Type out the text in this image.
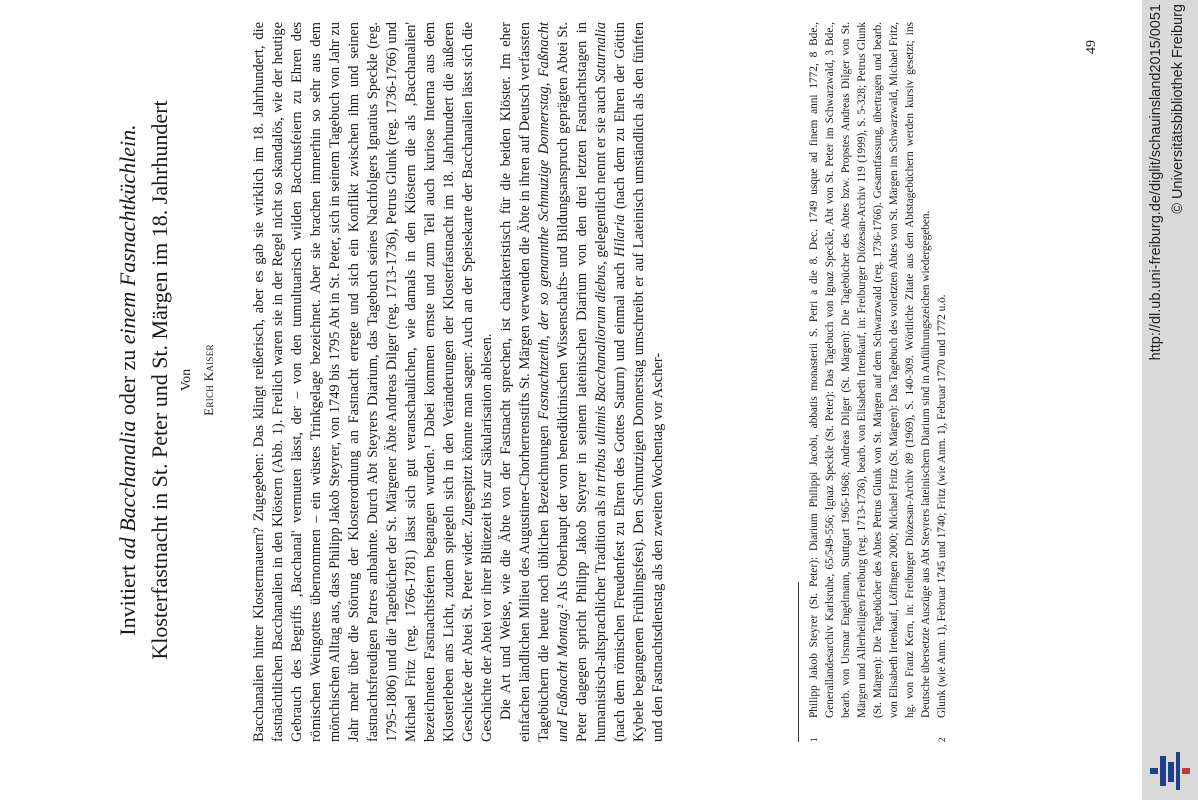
Invitiert ad Bacchanalia oder zu einem Fasnachtküchlein. Klosterfastnacht in St. Peter und St. Märgen im 18. Jahrhundert Von Erich Kaiser Bacchanalien hinter Klostermauern? Zugegeben: Das klingt reißerisch, aber es gab sie wirklich im 18. Jahrhundert, die fastnächtlichen Bacchanalien in den Klöstern (Abb. 1). Freilich waren sie in der Regel nicht so skandalös, wie der heutige Gebrauch des Begriffs ‚Bacchanal' vermuten lässt, der – von den tumultuarisch wilden Bacchusfeiern zu Ehren des römischen Weingottes übernommen – ein wüstes Trinkgelage bezeichnet. Aber sie brachen immerhin so sehr aus dem mönchischen Alltag aus, dass Philipp Jakob Steyrer, von 1749 bis 1795 Abt in St. Peter, sich in seinem Tagebuch von Jahr zu Jahr mehr über die Störung der Klosterordnung an Fastnacht erregte und sich ein Konflikt zwischen ihm und seinen fastnachtsfreudigen Patres anbahnte. Durch Abt Steyrers Diarium, das Tagebuch seines Nachfolgers Ignatius Speckle (reg. 1795-1806) und die Tagebücher der St. Märgener Äbte Andreas Dilger (reg. 1713-1736), Petrus Glunk (reg. 1736-1766) und Michael Fritz (reg. 1766-1781) lässt sich gut veranschaulichen, wie damals in den Klöstern die als ‚Bacchanalien' bezeichneten Fastnachtsfeiern begangen wurden.¹ Dabei kommen ernste und zum Teil auch kuriose Interna aus dem Klosterleben ans Licht, zudem spiegeln sich in den Veränderungen der Klosterfastnacht im 18. Jahrhundert die äußeren Geschicke der Abtei St. Peter wider. Zugespitzt könnte man sagen: Auch an der Speisekarte der Bacchanalien lässt sich die Geschichte der Abtei vor ihrer Blütezeit bis zur Säkularisation ablesen. Die Art und Weise, wie die Äbte von der Fastnacht sprechen, ist charakteristisch für die beiden Klöster. Im eher einfachen ländlichen Milieu des Augustiner-Chorherrenstifts St. Märgen verwenden die Äbte in ihren auf Deutsch verfassten Tagebüchern die heute noch üblichen Bezeichnungen Fasnachtzeith, der so genannthe Schmuzige Donnerstag, Faßnacht und Faßnacht Montag.² Als Oberhaupt der vom benediktinischen Wissenschafts- und Bildungsanspruch geprägten Abtei St. Peter dagegen spricht Philipp Jakob Steyrer in seinem lateinischen Diarium von den drei letzten Fastnachtstagen in humanistisch-altsprachlicher Tradition als in tribus ultimis Bacchanaliorum diebus, gelegentlich nennt er sie auch Saturnalia (nach dem römischen Freudenfest zu Ehren des Gottes Saturn) und einmal auch Hilaria (nach dem zu Ehren der Göttin Kybele begangenen Frühlingsfest). Den Schmutzigen Donnerstag umschreibt er auf Lateinisch umständlich als den fünften und den Fastnachtsdienstag als den zweiten Wochentag vor Ascher-	1
Philipp Jakob Steyrer (St. Peter): Diarium Philippi Jacobi, abbatis monasterii S. Petri a die 8. Dec. 1749 usque ad finem anni 1772, 8 Bde., Generallandesarchiv Karlsruhe, 65/549-556; Ignaz Speckle (St. Peter): Das Tagebuch von Ignaz Speckle, Abt von St. Peter im Schwarzwald, 3 Bde., bearb. von Ursmar Engelmann, Stuttgart 1965-1968; Andreas Dilger (St. Märgen): Die Tagebücher des Abtes bzw. Propstes Andreas Dilger von St. Märgen und Allerheiligen/Freiburg (reg. 1713-1736), bearb. von Elisabeth Irtenkauf, in: Freiburger Diözesan-Archiv 119 (1999), S. 5-328; Petrus Glunk (St. Märgen): Die Tagebücher des Abtes Petrus Glunk von St. Märgen auf dem Schwarzwald (reg. 1736-1766). Gesamtfassung, übertragen und bearb. von Elisabeth Irtenkauf, Löffingen 2000; Michael Fritz (St. Märgen): Das Tagebuch des vorletzten Abtes von St. Märgen im Schwarzwald, Michael Fritz, hg. von Franz Kern, in: Freiburger Diözesan-Archiv 89 (1969), S. 140-309. Wörtliche Zitate aus den Abtstagebüchern werden kursiv gesetzt; ins Deutsche übersetzte Auszüge aus Abt Steyrers lateinischem Diarium sind in Anführungszeichen wiedergegeben.

2
Glunk (wie Anm. 1), Februar 1745 und 1740; Fritz (wie Anm. 1), Februar 1770 und 1772 u.ö.

49	http://dl.ub.uni-freiburg.de/diglit/schauinsland2015/0051 © Universitätsbibliothek Freiburg
